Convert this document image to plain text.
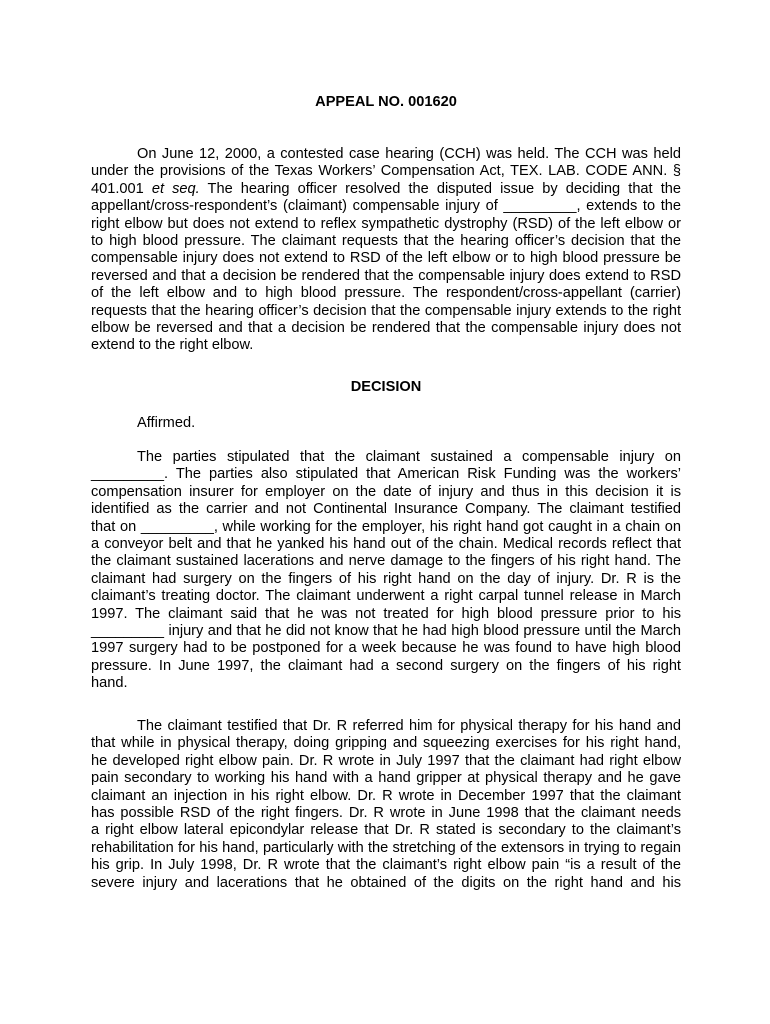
APPEAL NO. 001620
On June 12, 2000, a contested case hearing (CCH) was held. The CCH was held
under the provisions of the Texas Workers’ Compensation Act, TEX. LAB. CODE ANN. §
401.001 et seq. The hearing officer resolved the disputed issue by deciding that the
appellant/cross-respondent’s (claimant) compensable injury of _________, extends to the
right elbow but does not extend to reflex sympathetic dystrophy (RSD) of the left elbow or
to high blood pressure. The claimant requests that the hearing officer’s decision that the
compensable injury does not extend to RSD of the left elbow or to high blood pressure be
reversed and that a decision be rendered that the compensable injury does extend to RSD
of the left elbow and to high blood pressure. The respondent/cross-appellant (carrier)
requests that the hearing officer’s decision that the compensable injury extends to the right
elbow be reversed and that a decision be rendered that the compensable injury does not
extend to the right elbow.
DECISION
Affirmed.
The parties stipulated that the claimant sustained a compensable injury on
_________. The parties also stipulated that American Risk Funding was the workers’
compensation insurer for employer on the date of injury and thus in this decision it is
identified as the carrier and not Continental Insurance Company. The claimant testified
that on _________, while working for the employer, his right hand got caught in a chain on
a conveyor belt and that he yanked his hand out of the chain. Medical records reflect that
the claimant sustained lacerations and nerve damage to the fingers of his right hand. The
claimant had surgery on the fingers of his right hand on the day of injury. Dr. R is the
claimant’s treating doctor. The claimant underwent a right carpal tunnel release in March
1997. The claimant said that he was not treated for high blood pressure prior to his
_________ injury and that he did not know that he had high blood pressure until the March
1997 surgery had to be postponed for a week because he was found to have high blood
pressure. In June 1997, the claimant had a second surgery on the fingers of his right
hand.
The claimant testified that Dr. R referred him for physical therapy for his hand and
that while in physical therapy, doing gripping and squeezing exercises for his right hand,
he developed right elbow pain. Dr. R wrote in July 1997 that the claimant had right elbow
pain secondary to working his hand with a hand gripper at physical therapy and he gave
claimant an injection in his right elbow. Dr. R wrote in December 1997 that the claimant
has possible RSD of the right fingers. Dr. R wrote in June 1998 that the claimant needs
a right elbow lateral epicondylar release that Dr. R stated is secondary to the claimant’s
rehabilitation for his hand, particularly with the stretching of the extensors in trying to regain
his grip. In July 1998, Dr. R wrote that the claimant’s right elbow pain “is a result of the
severe injury and lacerations that he obtained of the digits on the right hand and his
